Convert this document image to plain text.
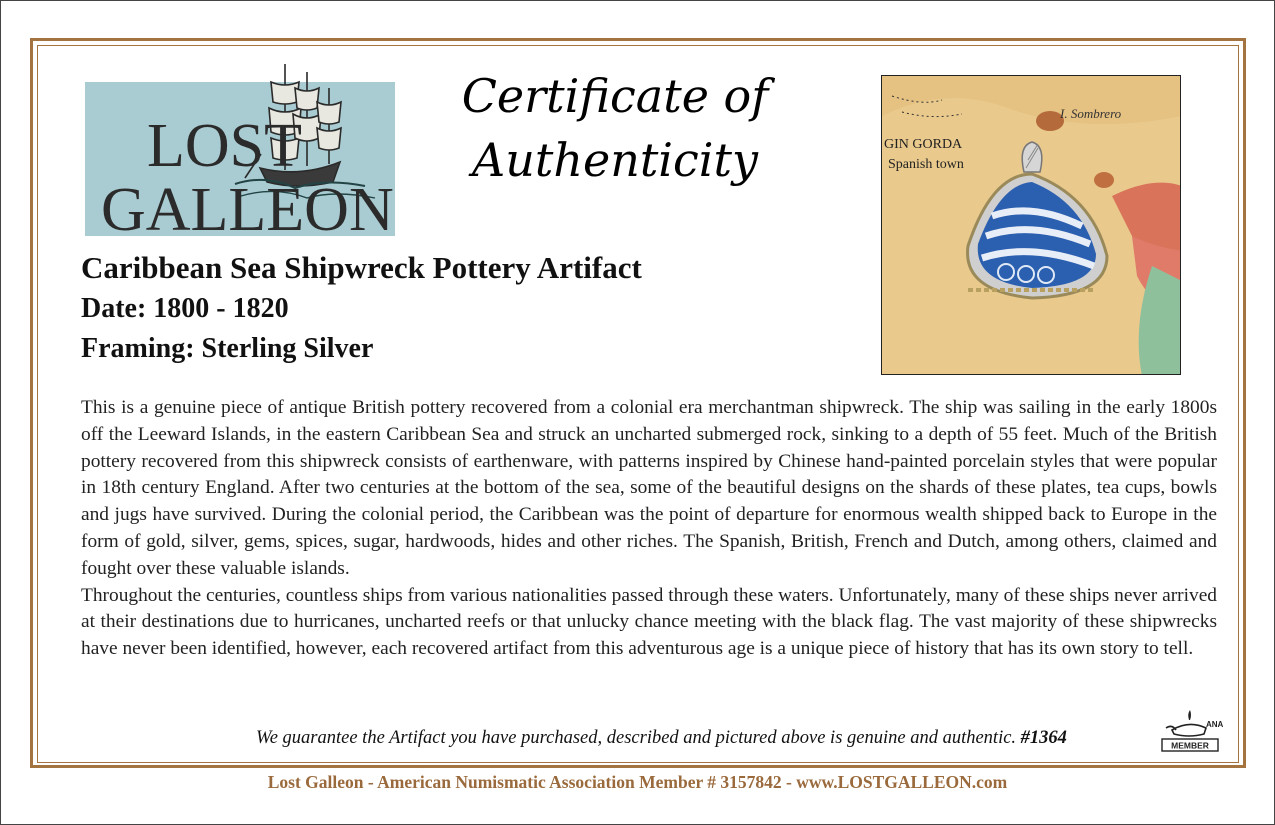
LOST
GALLEON
Certificate of
Authenticity
I. Sombrero
GIN GORDA
Spanish town
Caribbean Sea Shipwreck Pottery Artifact
Date: 1800 - 1820
Framing: Sterling Silver

This is a genuine piece of antique British pottery recovered from a colonial era merchantman shipwreck. The ship was sailing in the early 1800s off the Leeward Islands, in the eastern Caribbean Sea and struck an uncharted submerged rock, sinking to a depth of 55 feet. Much of the British pottery recovered from this shipwreck consists of earthenware, with patterns inspired by Chinese hand-painted porcelain styles that were popular in 18th century England. After two centuries at the bottom of the sea, some of the beautiful designs on the shards of these plates, tea cups, bowls and jugs have survived. During the colonial period, the Caribbean was the point of departure for enormous wealth shipped back to Europe in the form of gold, silver, gems, spices, sugar, hardwoods, hides and other riches. The Spanish, British, French and Dutch, among others, claimed and fought over these valuable islands.

Throughout the centuries, countless ships from various nationalities passed through these waters. Unfortunately, many of these ships never arrived at their destinations due to hurricanes, uncharted reefs or that unlucky chance meeting with the black flag. The vast majority of these shipwrecks have never been identified, however, each recovered artifact from this adventurous age is a unique piece of history that has its own story to tell.

We guarantee the Artifact you have purchased, described and pictured above is genuine and authentic. #1364
ANA
MEMBER
Lost Galleon - American Numismatic Association Member # 3157842 - www.LOSTGALLEON.com
